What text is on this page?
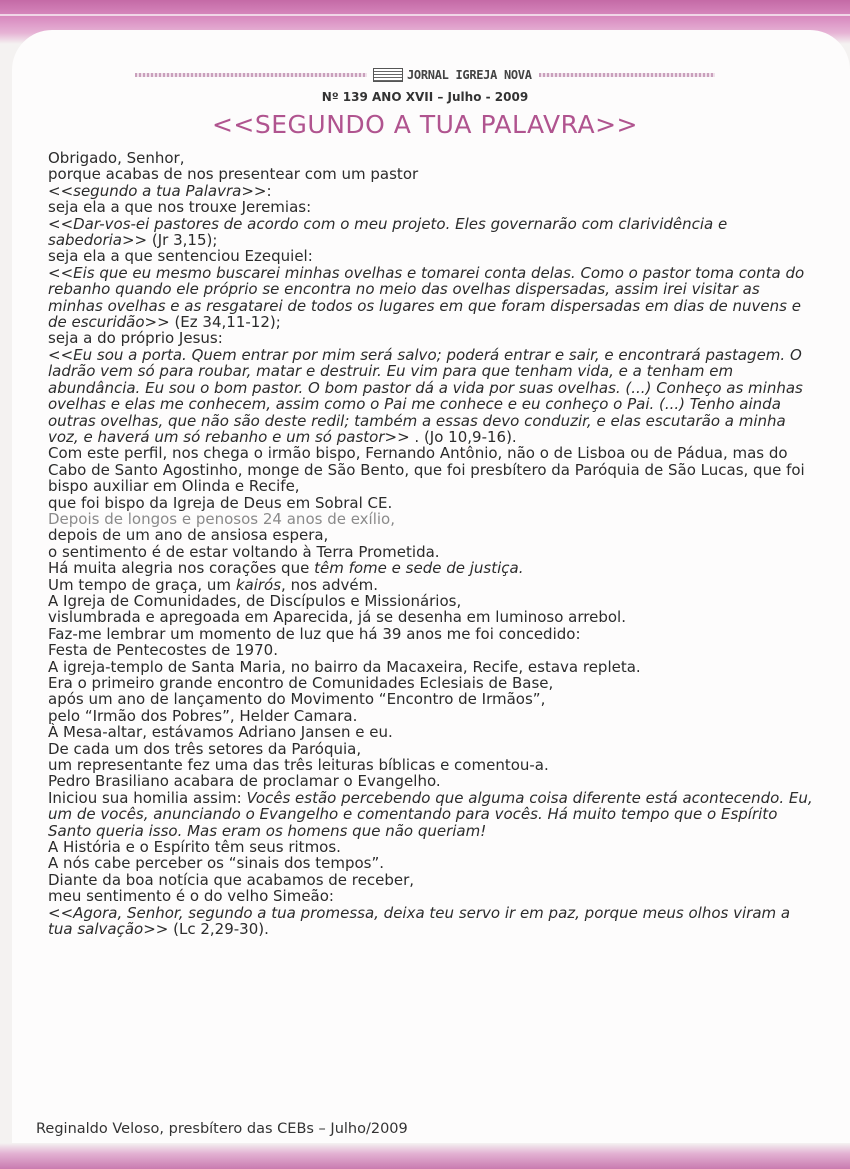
JORNAL IGREJA NOVA
Nº 139 ANO XVII – Julho - 2009
<<SEGUNDO A TUA PALAVRA>>

Obrigado, Senhor,

porque acabas de nos presentear com um pastor

<<segundo a tua Palavra>>:

seja ela a que nos trouxe Jeremias:

<<Dar-vos-ei pastores de acordo com o meu projeto. Eles governarão com clarividência e sabedoria>> (Jr 3,15);

seja ela a que sentenciou Ezequiel:

<<Eis que eu mesmo buscarei minhas ovelhas e tomarei conta delas. Como o pastor toma conta do rebanho quando ele próprio se encontra no meio das ovelhas dispersadas, assim irei visitar as minhas ovelhas e as resgatarei de todos os lugares em que foram dispersadas em dias de nuvens e de escuridão>> (Ez 34,11-12);

seja a do próprio Jesus:

<<Eu sou a porta. Quem entrar por mim será salvo; poderá entrar e sair, e encontrará pastagem. O ladrão vem só para roubar, matar e destruir. Eu vim para que tenham vida, e a tenham em abundância. Eu sou o bom pastor. O bom pastor dá a vida por suas ovelhas. (...) Conheço as minhas ovelhas e elas me conhecem, assim como o Pai me conhece e eu conheço o Pai. (...) Tenho ainda outras ovelhas, que não são deste redil; também a essas devo conduzir, e elas escutarão a minha voz, e haverá um só rebanho e um só pastor>> . (Jo 10,9-16).

Com este perfil, nos chega o irmão bispo, Fernando Antônio, não o de Lisboa ou de Pádua, mas do Cabo de Santo Agostinho, monge de São Bento, que foi presbítero da Paróquia de São Lucas, que foi bispo auxiliar em Olinda e Recife,

que foi bispo da Igreja de Deus em Sobral CE.

Depois de longos e penosos 24 anos de exílio,

depois de um ano de ansiosa espera,

o sentimento é de estar voltando à Terra Prometida.

Há muita alegria nos corações que têm fome e sede de justiça.

Um tempo de graça, um kairós, nos advém.

A Igreja de Comunidades, de Discípulos e Missionários,

vislumbrada e apregoada em Aparecida, já se desenha em luminoso arrebol.

Faz-me lembrar um momento de luz que há 39 anos me foi concedido:

Festa de Pentecostes de 1970.

A igreja-templo de Santa Maria, no bairro da Macaxeira, Recife, estava repleta.

Era o primeiro grande encontro de Comunidades Eclesiais de Base,

após um ano de lançamento do Movimento “Encontro de Irmãos”,

pelo “Irmão dos Pobres”, Helder Camara.

À Mesa-altar, estávamos Adriano Jansen e eu.

De cada um dos três setores da Paróquia,

um representante fez uma das três leituras bíblicas e comentou-a.

Pedro Brasiliano acabara de proclamar o Evangelho.

Iniciou sua homilia assim: Vocês estão percebendo que alguma coisa diferente está acontecendo. Eu, um de vocês, anunciando o Evangelho e comentando para vocês. Há muito tempo que o Espírito Santo queria isso. Mas eram os homens que não queriam!

A História e o Espírito têm seus ritmos.

A nós cabe perceber os “sinais dos tempos”.

Diante da boa notícia que acabamos de receber,

meu sentimento é o do velho Simeão:

<<Agora, Senhor, segundo a tua promessa, deixa teu servo ir em paz, porque meus olhos viram a tua salvação>> (Lc 2,29-30).

Reginaldo Veloso, presbítero das CEBs – Julho/2009
